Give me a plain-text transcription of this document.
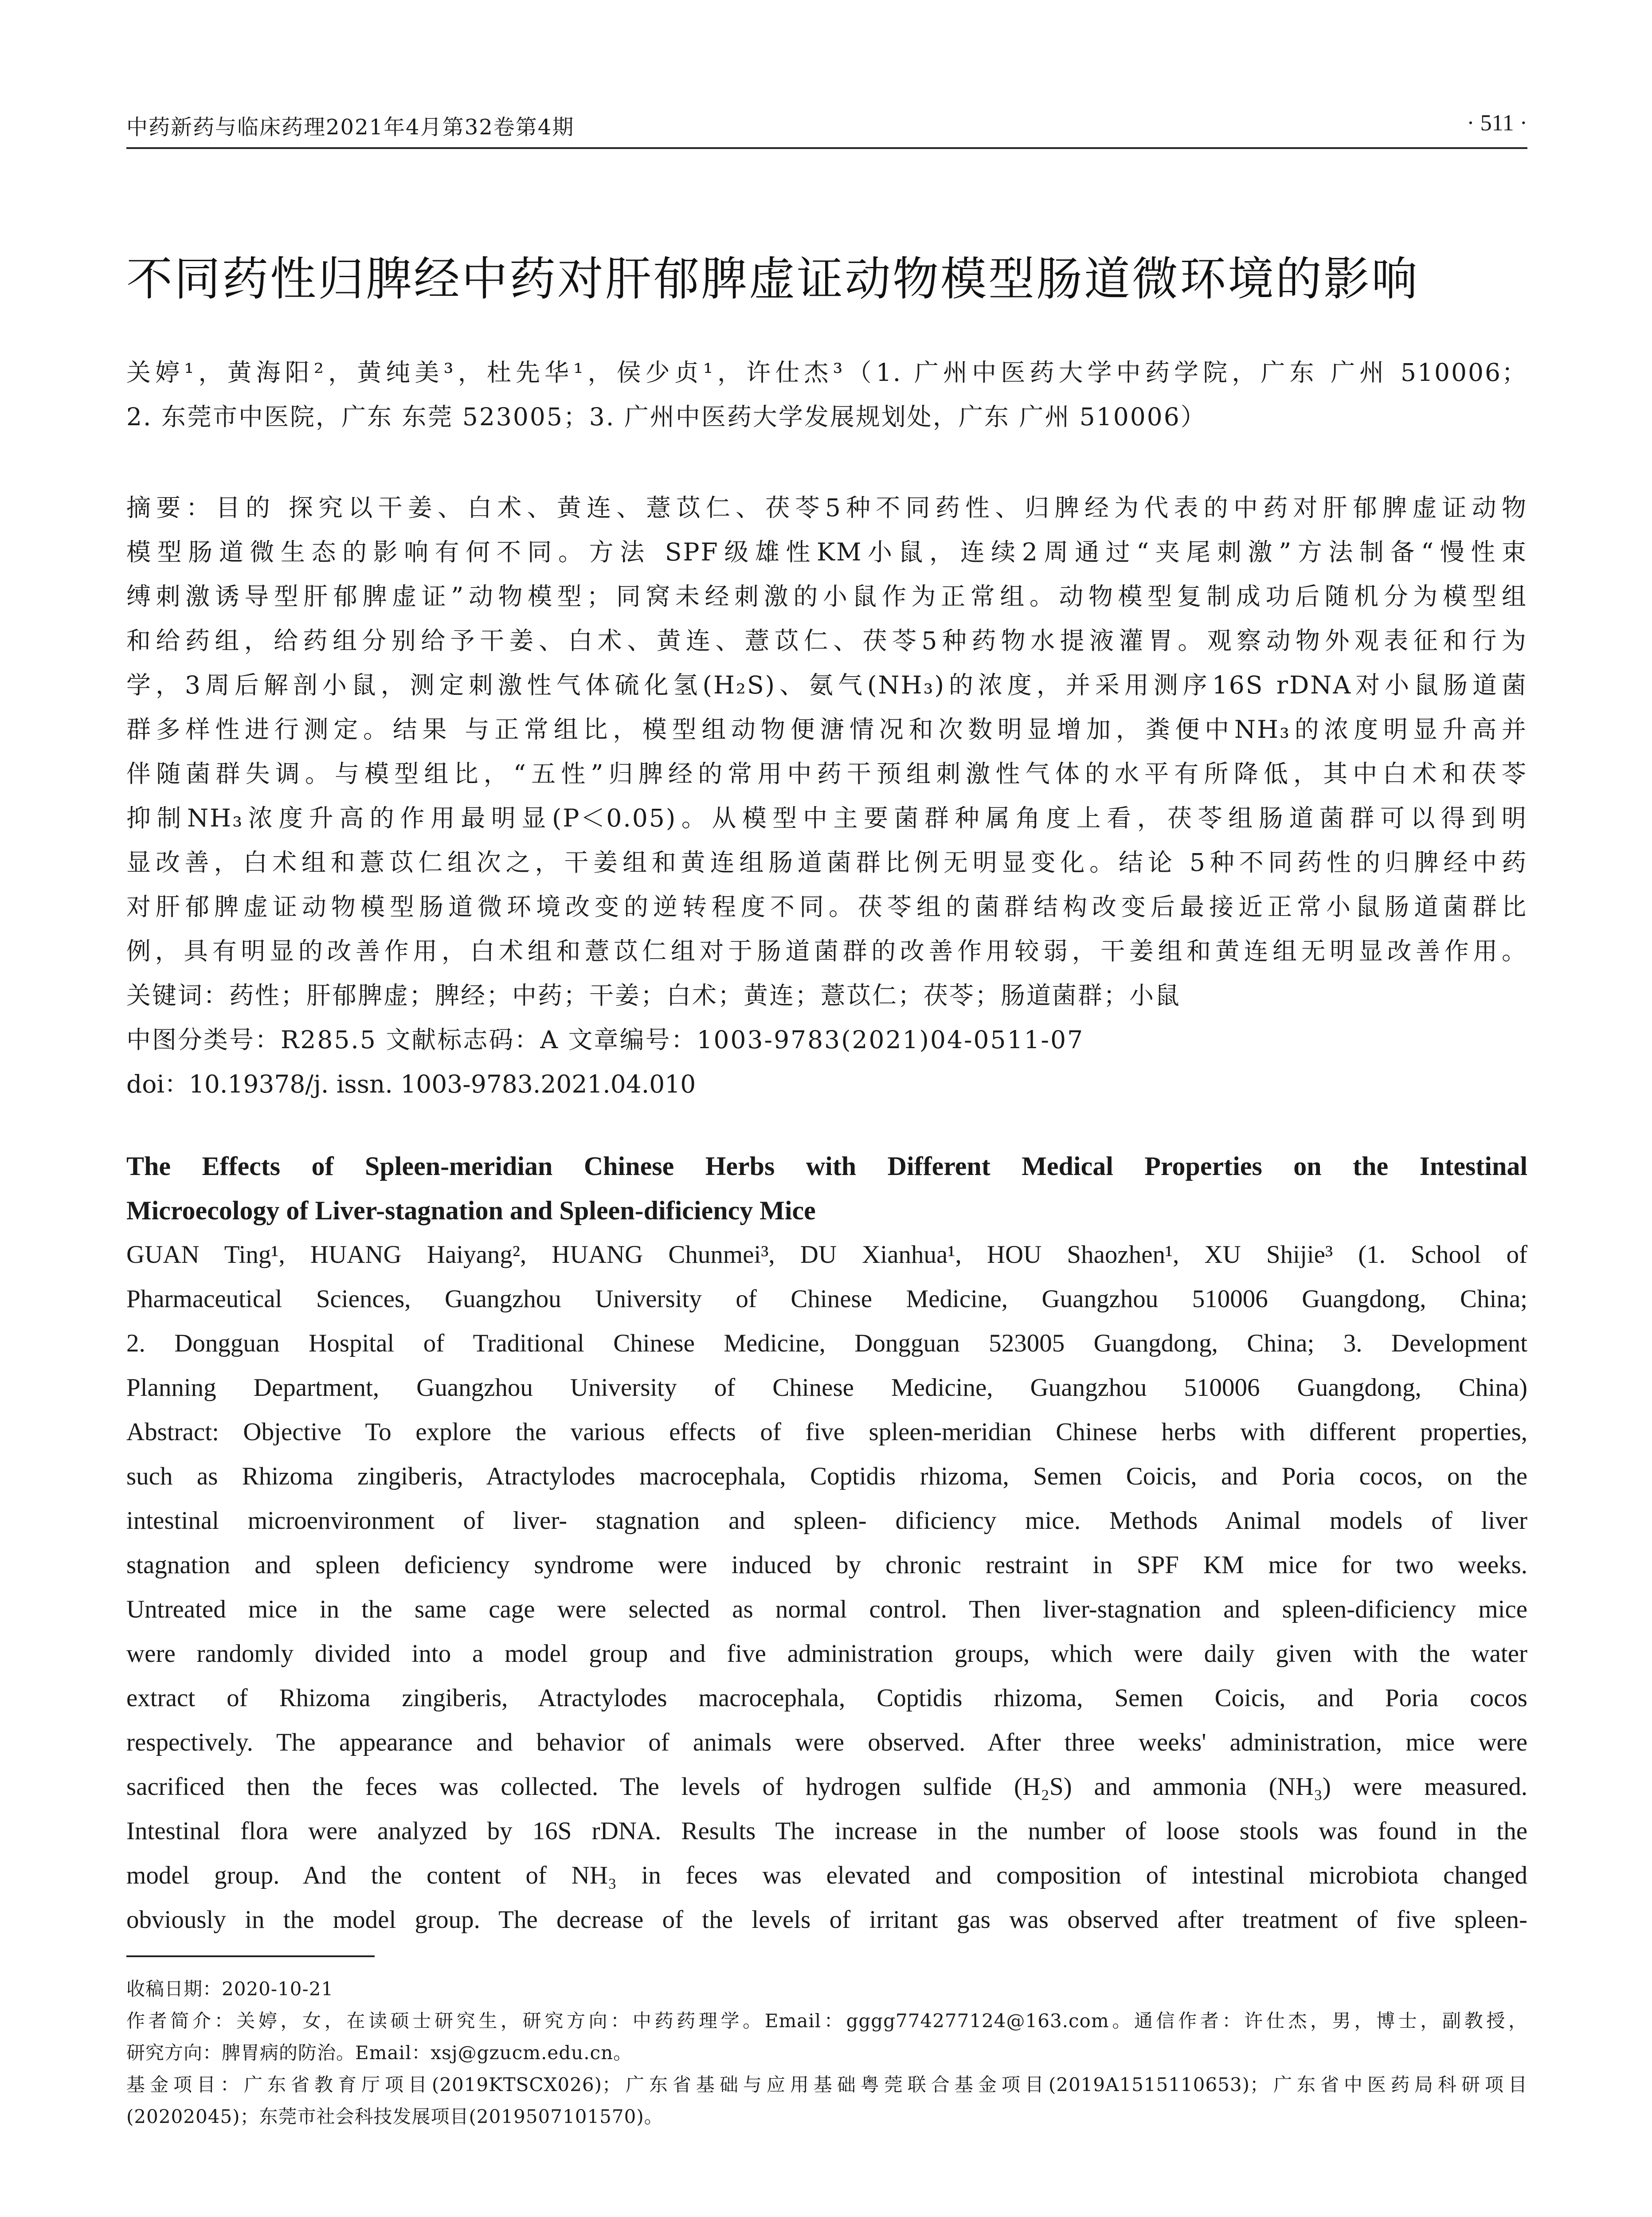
中药新药与临床药理2021年4月第32卷第4期	· 511 ·
不同药性归脾经中药对肝郁脾虚证动物模型肠道微环境的影响
关婷¹，黄海阳²，黄纯美³，杜先华¹，侯少贞¹，许仕杰³（1. 广州中医药大学中药学院，广东 广州 510006；
2. 东莞市中医院，广东 东莞 523005；3. 广州中医药大学发展规划处，广东 广州 510006）
摘要：目的 探究以干姜、白术、黄连、薏苡仁、茯苓5种不同药性、归脾经为代表的中药对肝郁脾虚证动物
模型肠道微生态的影响有何不同。方法 SPF级雄性KM小鼠，连续2周通过“夹尾刺激”方法制备“慢性束
缚刺激诱导型肝郁脾虚证”动物模型；同窝未经刺激的小鼠作为正常组。动物模型复制成功后随机分为模型组
和给药组，给药组分别给予干姜、白术、黄连、薏苡仁、茯苓5种药物水提液灌胃。观察动物外观表征和行为
学，3周后解剖小鼠，测定刺激性气体硫化氢(H₂S)、氨气(NH₃)的浓度，并采用测序16S rDNA对小鼠肠道菌
群多样性进行测定。结果 与正常组比，模型组动物便溏情况和次数明显增加，粪便中NH₃的浓度明显升高并
伴随菌群失调。与模型组比，“五性”归脾经的常用中药干预组刺激性气体的水平有所降低，其中白术和茯苓
抑制NH₃浓度升高的作用最明显(P＜0.05)。从模型中主要菌群种属角度上看，茯苓组肠道菌群可以得到明
显改善，白术组和薏苡仁组次之，干姜组和黄连组肠道菌群比例无明显变化。结论 5种不同药性的归脾经中药
对肝郁脾虚证动物模型肠道微环境改变的逆转程度不同。茯苓组的菌群结构改变后最接近正常小鼠肠道菌群比
例，具有明显的改善作用，白术组和薏苡仁组对于肠道菌群的改善作用较弱，干姜组和黄连组无明显改善作用。
关键词：药性；肝郁脾虚；脾经；中药；干姜；白术；黄连；薏苡仁；茯苓；肠道菌群；小鼠
中图分类号：R285.5 文献标志码：A 文章编号：1003-9783(2021)04-0511-07
doi：10.19378/j. issn. 1003-9783.2021.04.010
The Effects of Spleen-meridian Chinese Herbs with Different Medical Properties on the Intestinal
Microecology of Liver-stagnation and Spleen-dificiency Mice
GUAN Ting¹, HUANG Haiyang², HUANG Chunmei³, DU Xianhua¹, HOU Shaozhen¹, XU Shijie³ (1. School of
Pharmaceutical Sciences, Guangzhou University of Chinese Medicine, Guangzhou 510006 Guangdong, China;
2. Dongguan Hospital of Traditional Chinese Medicine, Dongguan 523005 Guangdong, China; 3. Development
Planning Department, Guangzhou University of Chinese Medicine, Guangzhou 510006 Guangdong, China)
Abstract: Objective To explore the various effects of five spleen-meridian Chinese herbs with different properties,
such as Rhizoma zingiberis, Atractylodes macrocephala, Coptidis rhizoma, Semen Coicis, and Poria cocos, on the
intestinal microenvironment of liver- stagnation and spleen- dificiency mice. Methods Animal models of liver
stagnation and spleen deficiency syndrome were induced by chronic restraint in SPF KM mice for two weeks.
Untreated mice in the same cage were selected as normal control. Then liver-stagnation and spleen-dificiency mice
were randomly divided into a model group and five administration groups, which were daily given with the water
extract of Rhizoma zingiberis, Atractylodes macrocephala, Coptidis rhizoma, Semen Coicis, and Poria cocos
respectively. The appearance and behavior of animals were observed. After three weeks' administration, mice were
sacrificed then the feces was collected. The levels of hydrogen sulfide (H₂S) and ammonia (NH₃) were measured.
Intestinal flora were analyzed by 16S rDNA. Results The increase in the number of loose stools was found in the
model group. And the content of NH₃ in feces was elevated and composition of intestinal microbiota changed
obviously in the model group. The decrease of the levels of irritant gas was observed after treatment of five spleen-
收稿日期：2020-10-21
作者简介：关婷，女，在读硕士研究生，研究方向：中药药理学。Email：gggg774277124@163.com。通信作者：许仕杰，男，博士，副教授，
研究方向：脾胃病的防治。Email：xsj@gzucm.edu.cn。
基金项目：广东省教育厅项目(2019KTSCX026)；广东省基础与应用基础粤莞联合基金项目(2019A1515110653)；广东省中医药局科研项目
(20202045)；东莞市社会科技发展项目(2019507101570)。
